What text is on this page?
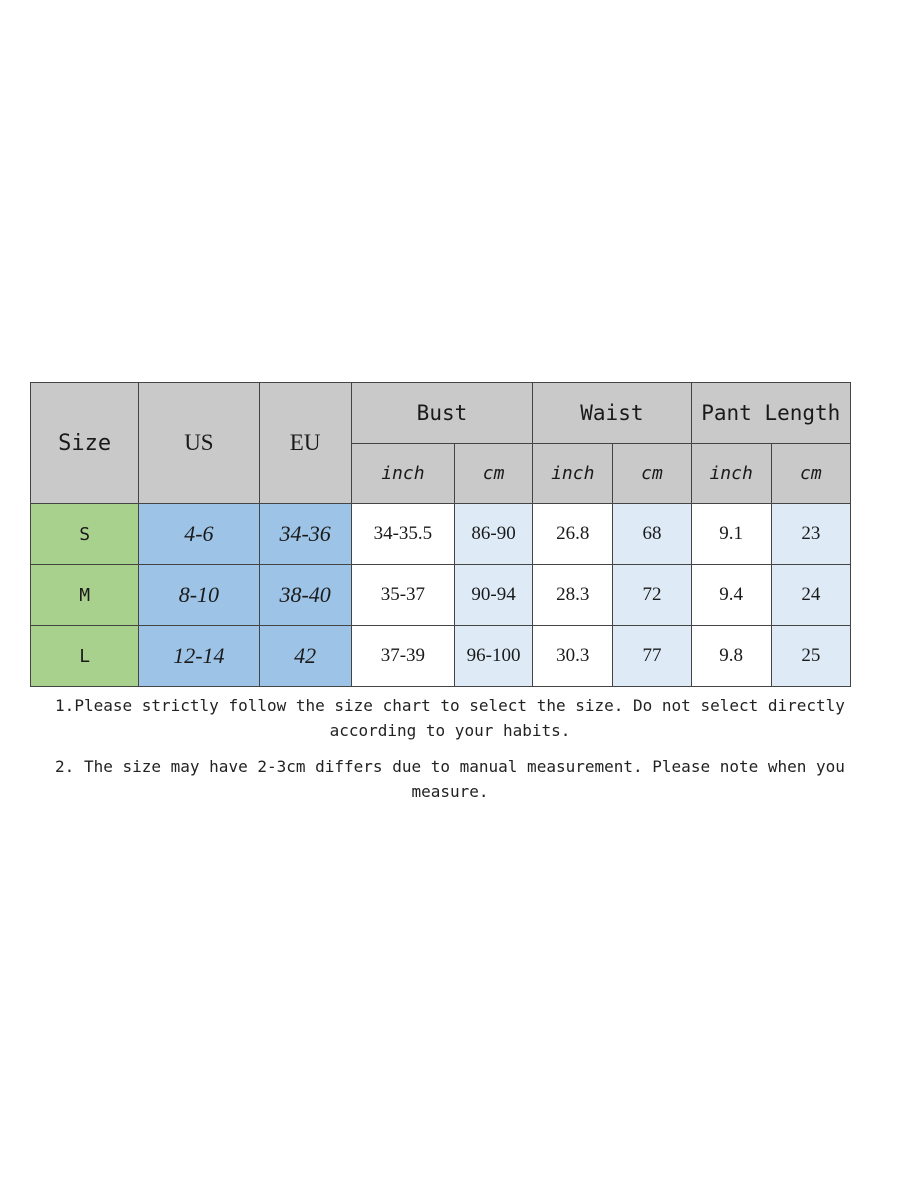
Size	US	EU	Bust		Waist		Pant Length	
			inch	cm	inch	cm	inch	cm
S	4-6	34-36	34-35.5	86-90	26.8	68	9.1	23
M	8-10	38-40	35-37	90-94	28.3	72	9.4	24
L	12-14	42	37-39	96-100	30.3	77	9.8	25

1.Please strictly follow the size chart to select the size. Do not select directly according to your habits.

2. The size may have 2-3cm differs due to manual measurement. Please note when you measure.
